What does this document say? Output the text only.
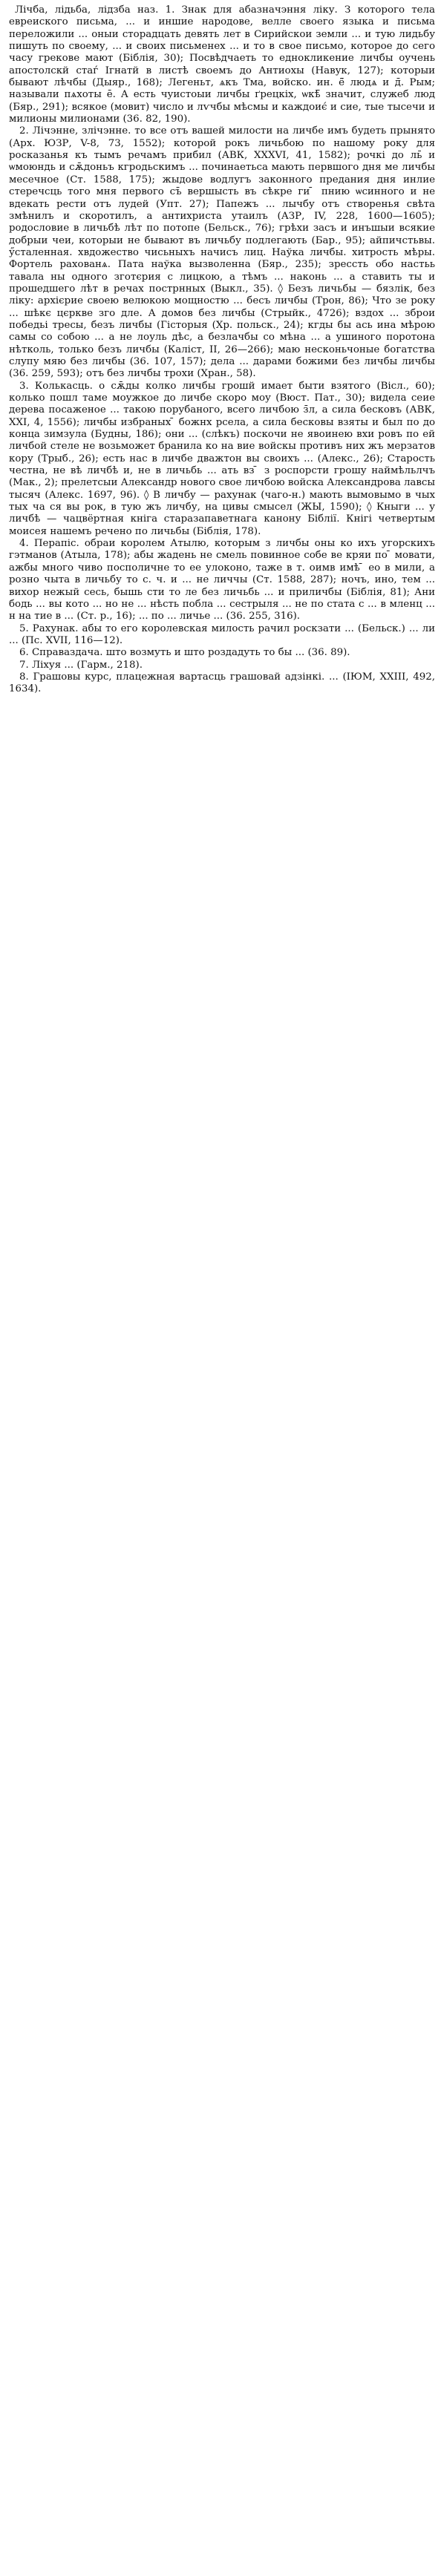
Лічба, лідьба, лідзба наз. 1. Знак для абазначэння ліку. З которого тела евреиского письма, ... и иншие народове, велле своего языка и письма переложили ... оныи сторадцать девять лет в Сирийскои земли ... и тую лидьбу пишуть по своему, ... и своих письменех ... и то в свое письмо, которое до сего часу грекове мают (Біблія, 30); Посвѣдчаеть то еднокликение личбы оучень апостолскй стаѓ Ігнатй в листѣ своемъ до Антиохы (Навук, 127); которыи бывают лѣчбы (Дыяр., 168); Легеньт, ѧкъ Тма, войско. ин. ё̄ людѧ и д̄. Рым; называли пѧхоты е̄. А есть чуистоыи личбы ґрецкіх, ѡкѣ̄ значит, служеб люд (Бяр., 291); всякое (мовит) число и лѵчбы мѣсмы и каждоиє́ и сие, тые тысечи и милионы милионами (36. 82, 190).

2. Лічэнне, злічэнне. то все отъ вашей милости на личбе имъ будеть прынято (Арх. ЮЗР, V-8, 73, 1552); которой рокъ личьбою по нашому року для росказанья къ тымъ речамъ прибил (АВК, XXXVI, 41, 1582); рочкі до ль̄ и ѡмоюндь и сѫ̄доньъ кгродьскимъ ... починаетьса мають первшого дня ме личбы месечное (Ст. 1588, 175); жыдове водлугъ законного предания дня инлие стеречсць того мня первого съ̄ вершысть въ сѣкре ги ̄ пнию ѡсинного и не вдекать рести отъ лудей (Упт. 27); Папежъ ... лычбу отъ створенья свѣта змѣнилъ и скоротилъ, а антихриста утаилъ (АЗР, IV, 228, 1600—1605); родословие в личьбѣ лѣт по потопе (Бельск., 76); грѣхи засъ и инъшыи всякие добрыи чеи, которыи не бывают въ личьбу подлегають (Бар., 95); айпичстьвы. ӳсталенная. хвдожество чисьныхъ начисъ лиц. Наўка личбы. хитрость мѣры. Фортель рахованѧ. Пата наўка вызволенна (Бяр., 235); зрессть обо настьь тавала ны одного зготєрия с лицкою, а тѣмъ ... наконь ... а ставить ты и прошедшего лѣт в речах пострнных (Выкл., 35). ◊ Безъ личьбы — бязлік, без ліку: архієрие своею велюкою мощностю ... бесъ личбы (Трон, 86); Что зе року ... шѣкє цєркве зго дле. А домов без личбы (Стрыйк., 4726); вздох ... зброи победьі тресы, безъ личбы (Гісторыя (Хр. польск., 24); кгды бы ась ина мѣрою самы со собою ... а не лоуль дѣс, а безлачбы со мѣна ... а ушиного поротона нѣтколь, только безъ личбы (Калiст, II, 26—266); маю несконьчоные богатства слупу мяю без личбы (36. 107, 157); дела ... дарами божими без личбы личбы (36. 259, 593); отъ без личбы трохи (Хран., 58).

3. Колькасць. о сѫ̄ды колко личбы грошй имает быти взятого (Віcл., 60); колько пошл таме моужкое до личбе скоро моу (Вюст. Пат., 30); видела сеие дерева посаженое ... такою порубаного, всего личбою з̄л, а сила бесковъ (АВК, XXI, 4, 1556); личбы избраных ̄ божнх рсела, а сила бесковы взяты и был по до конца зимзула (Будны, 186); они ... (слѣкъ) поскочи не явоинею вхи ровъ по ей личбой стеле не возьможет бранила ко на вие войскы противъ них жъ мерзатов кору (Трыб., 26); есть нас в личбе дважтон вы своихъ ... (Алекс., 26); Старость честна, не вѣ личбѣ и, не в личьбь ... ать вз ̄ з роспорсти грошу наймѣльлчъ (Мак., 2); прелетсыи Александр нового свое личбою войска Александрова лавсы тысяч (Алекс. 1697, 96). ◊ В личбу — рахунак (чаго-н.) мають вымовымо в чых тых ча ся вы рок, в тую жъ личбу, на цивы смысел (ЖЫ, 1590); ◊ Кныги ... у личбѣ — чацвёртная кніга старазапаветнага канону Біблії. Кнігі четвертым моисея нашемъ речено по личьбы (Біблія, 178).

4. Перапіс. обраи королем Атылю, которым з личбы оны ко ихъ угорскихъ гэтманов (Атыла, 178); абы жадень не смель повинное собе ве кряи по ̄ мовати, ажбы много чиво посполичне то ее улоконо, таже в т. оимв имѣ ̄ ео в мили, а розно чыта в личьбу то с. ч. и ... не личчы (Ст. 1588, 287); ночъ, ино, тем ... вихор нежый сесь, бышь сти то ле без личьбь ... и приличбы (Біблія, 81); Ани бодь ... вы кото ... но не ... нѣсть побла ... сестрыля ... не по стата с ... в мленц ... н на тие в ... (Ст. р., 16); ... по ... личье ... (36. 255, 316).

5. Рахунак. абы то его королевская милость рачил роскзати ... (Бельск.) ... ли ... (Пс. XVII, 116—12).

6. Справаздача. што возмуть и што роздадуть то бы ... (36. 89).

7. Ліхуя ... (Гарм., 218).

8. Грашовы курс, плацежная вартасць грашовай адзінкі. ... (ІЮМ, XXIII, 492, 1634).
